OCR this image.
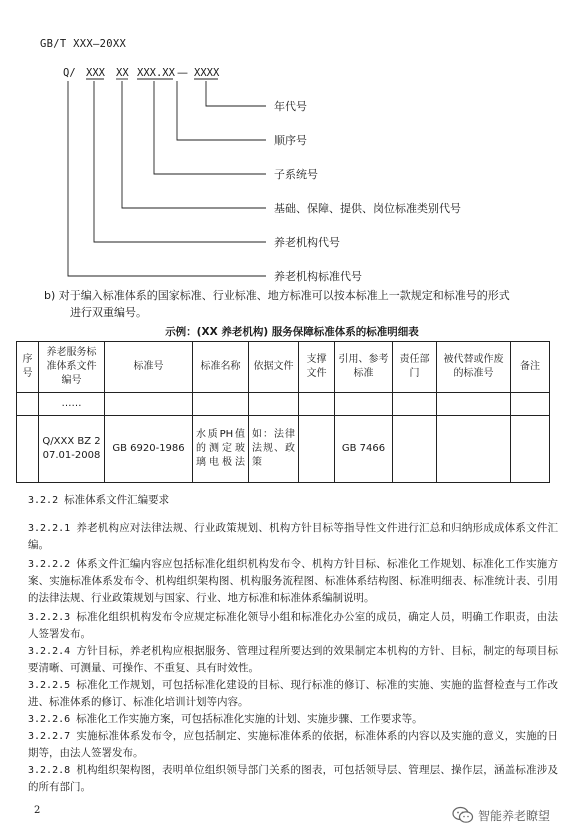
GB/T XXX—20XX
Q/ XXX XX XXX.XX — XXXX
年代号
顺序号
子系统号
基础、保障、提供、岗位标准类别代号
养老机构代号
养老机构标准代号
b) 对于编入标准体系的国家标准、行业标准、地方标准可以按本标准上一款规定和标准号的形式
进行双重编号。
示例：(XX 养老机构) 服务保障标准体系的标准明细表
序号	养老服务标准体系文件编号	标准号	标准名称	依据文件	支撑文件	引用、参考标准	责任部门	被代替或作废的标准号	备注
	……								
	Q/XXX BZ 207.01-2008	GB 6920-1986	水质PH值的测定玻璃电极法	如：法律法规、政策		GB 7466			
3.2.2 标准体系文件汇编要求
3.2.2.1 养老机构应对法律法规、行业政策规划、机构方针目标等指导性文件进行汇总和归纳形成成体系文件汇编。
3.2.2.2 体系文件汇编内容应包括标准化组织机构发布令、机构方针目标、标准化工作规划、标准化工作实施方案、实施标准体系发布令、机构组织架构图、机构服务流程图、标准体系结构图、标准明细表、标准统计表、引用的法律法规、行业政策规划与国家、行业、地方标准和标准体系编制说明。
3.2.2.3 标准化组织机构发布令应规定标准化领导小组和标准化办公室的成员，确定人员，明确工作职责，由法人签署发布。
3.2.2.4 方针目标，养老机构应根据服务、管理过程所要达到的效果制定本机构的方针、目标，制定的每项目标要清晰、可测量、可操作、不重复、具有时效性。
3.2.2.5 标准化工作规划，可包括标准化建设的目标、现行标准的修订、标准的实施、实施的监督检查与工作改进、标准体系的修订、标准化培训计划等内容。
3.2.2.6 标准化工作实施方案，可包括标准化实施的计划、实施步骤、工作要求等。
3.2.2.7 实施标准体系发布令，应包括制定、实施标准体系的依据，标准体系的内容以及实施的意义，实施的日期等，由法人签署发布。
3.2.2.8 机构组织架构图，表明单位组织领导部门关系的图表，可包括领导层、管理层、操作层，涵盖标准涉及的所有部门。
2	智能养老瞭望
